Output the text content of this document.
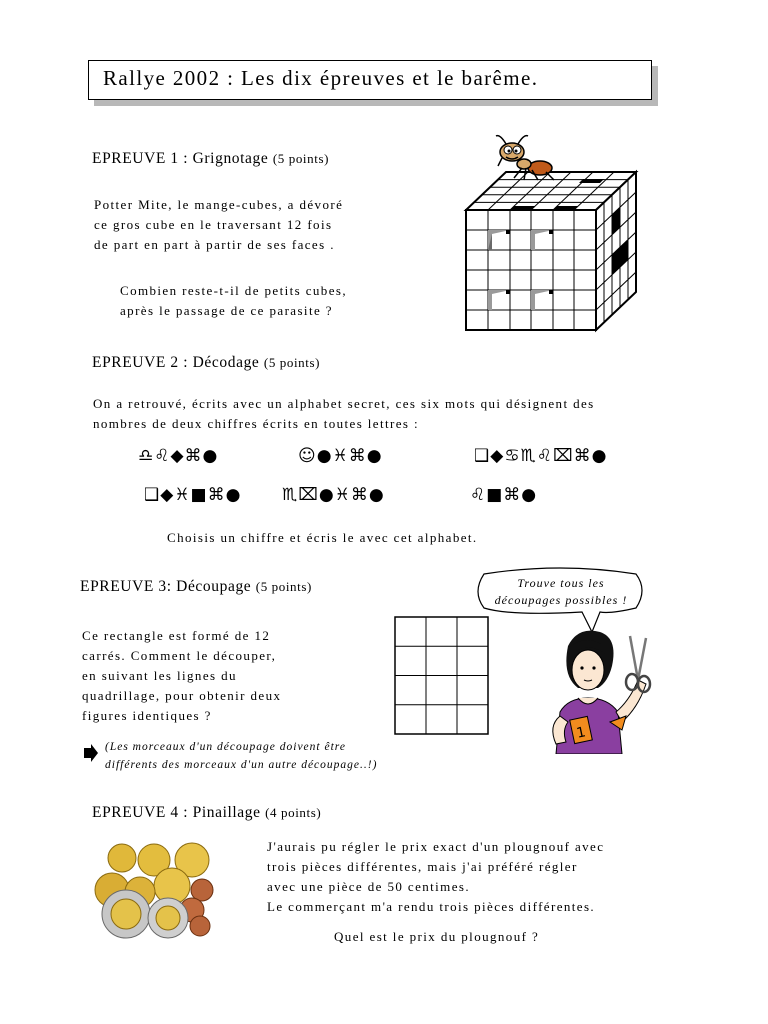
Rallye 2002 : Les dix épreuves et le barême.
EPREUVE 1 : Grignotage (5 points)
Potter Mite, le mange-cubes, a dévoré
ce gros cube en le traversant 12 fois
de part en part à partir de ses faces .
Combien reste-t-il de petits cubes,
après le passage de ce parasite ?
EPREUVE 2 : Décodage (5 points)
On a retrouvé, écrits avec un alphabet secret, ces six mots qui désignent des
nombres de deux chiffres écrits en toutes lettres :
♎♌◆⌘●	☺●♓⌘●	❑◆♋♏♌⌧⌘●
❑◆♓■⌘● ♏⌧●♓⌘●	♌■⌘●
Choisis un chiffre et écris le avec cet alphabet.
EPREUVE 3: Découpage (5 points)	Trouve tous les
découpages possibles !
Ce rectangle est formé de 12
carrés. Comment le découper,
en suivant les lignes du
quadrillage, pour obtenir deux
figures identiques ?
1
(Les morceaux d'un découpage doivent être
différents des morceaux d'un autre découpage..!)
EPREUVE 4 : Pinaillage (4 points)
J'aurais pu régler le prix exact d'un plougnouf avec
trois pièces différentes, mais j'ai préféré régler
avec une pièce de 50 centimes.
Le commerçant m'a rendu trois pièces différentes.
Quel est le prix du plougnouf ?
